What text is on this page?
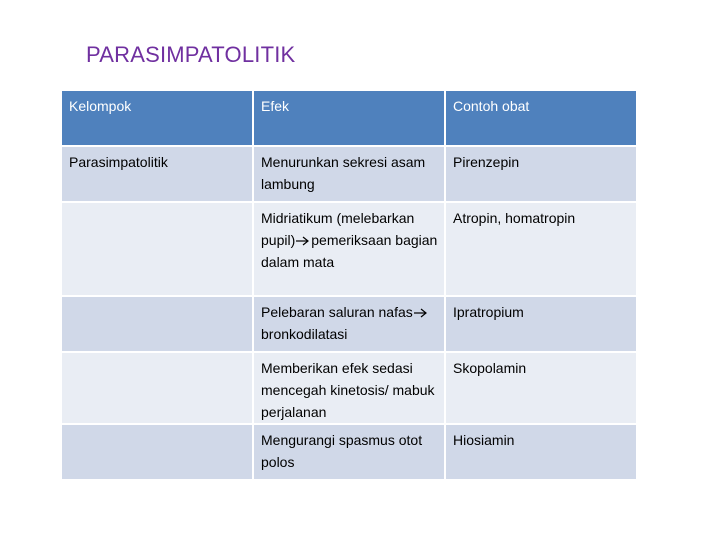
PARASIMPATOLITIK
Kelompok	Efek	Contoh obat
Parasimpatolitik	Menurunkan sekresi asam lambung	Pirenzepin
	Midriatikum (melebarkan pupil) pemeriksaan bagian dalam mata	Atropin, homatropin
	Pelebaran saluran nafasbronkodilatasi	Ipratropium
	Memberikan efek sedasi mencegah kinetosis/ mabuk perjalanan	Skopolamin
	Mengurangi spasmus otot polos	Hiosiamin
